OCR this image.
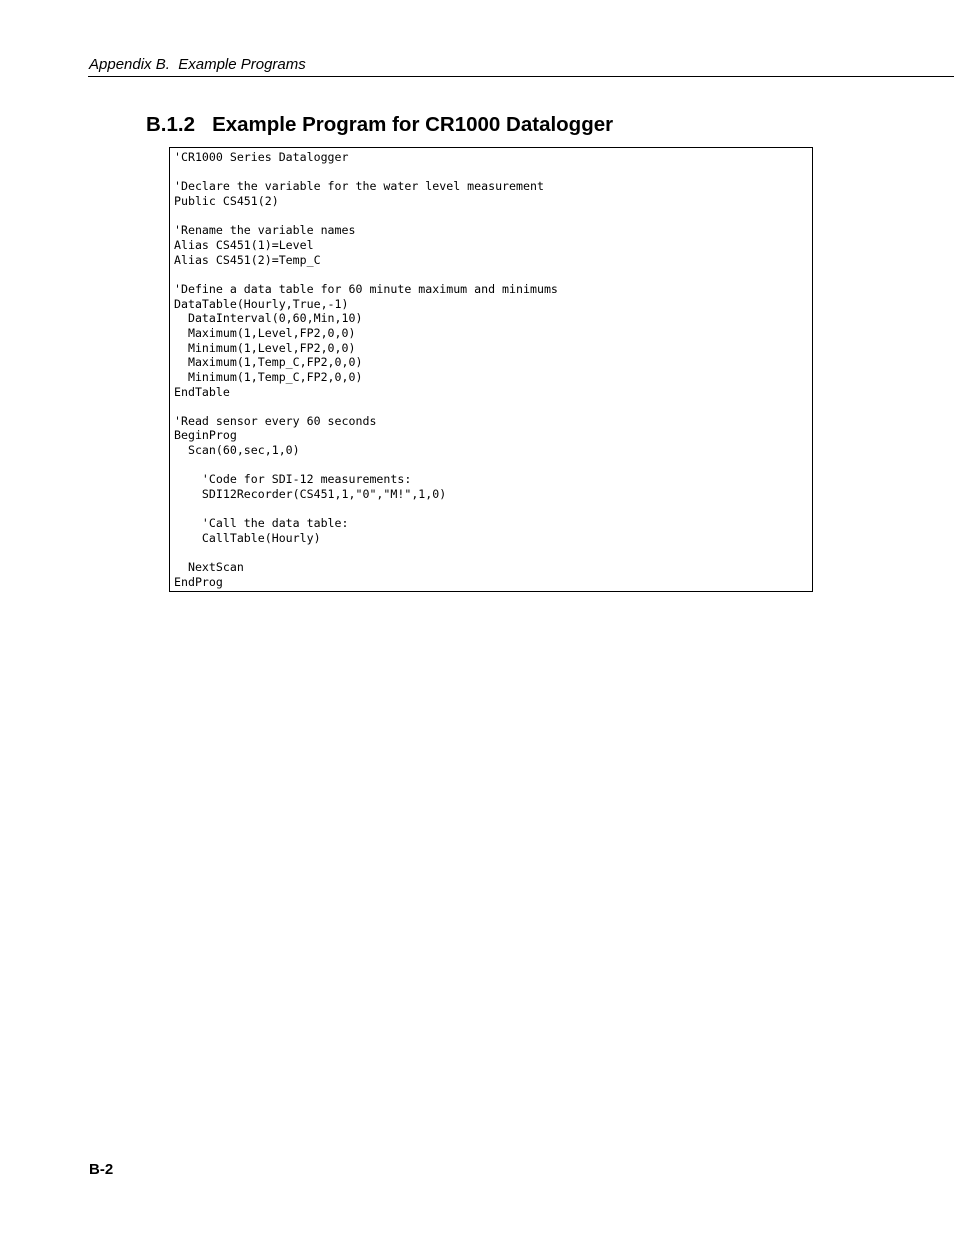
Appendix B.  Example Programs
B.1.2   Example Program for CR1000 Datalogger
'CR1000 Series Datalogger

'Declare the variable for the water level measurement
Public CS451(2)

'Rename the variable names
Alias CS451(1)=Level
Alias CS451(2)=Temp_C

'Define a data table for 60 minute maximum and minimums
DataTable(Hourly,True,-1)
DataInterval(0,60,Min,10)
Maximum(1,Level,FP2,0,0)
Minimum(1,Level,FP2,0,0)
Maximum(1,Temp_C,FP2,0,0)
Minimum(1,Temp_C,FP2,0,0)
EndTable

'Read sensor every 60 seconds
BeginProg
Scan(60,sec,1,0)

'Code for SDI-12 measurements:
SDI12Recorder(CS451,1,"0","M!",1,0)

'Call the data table:
CallTable(Hourly)

NextScan
EndProg
B-2
